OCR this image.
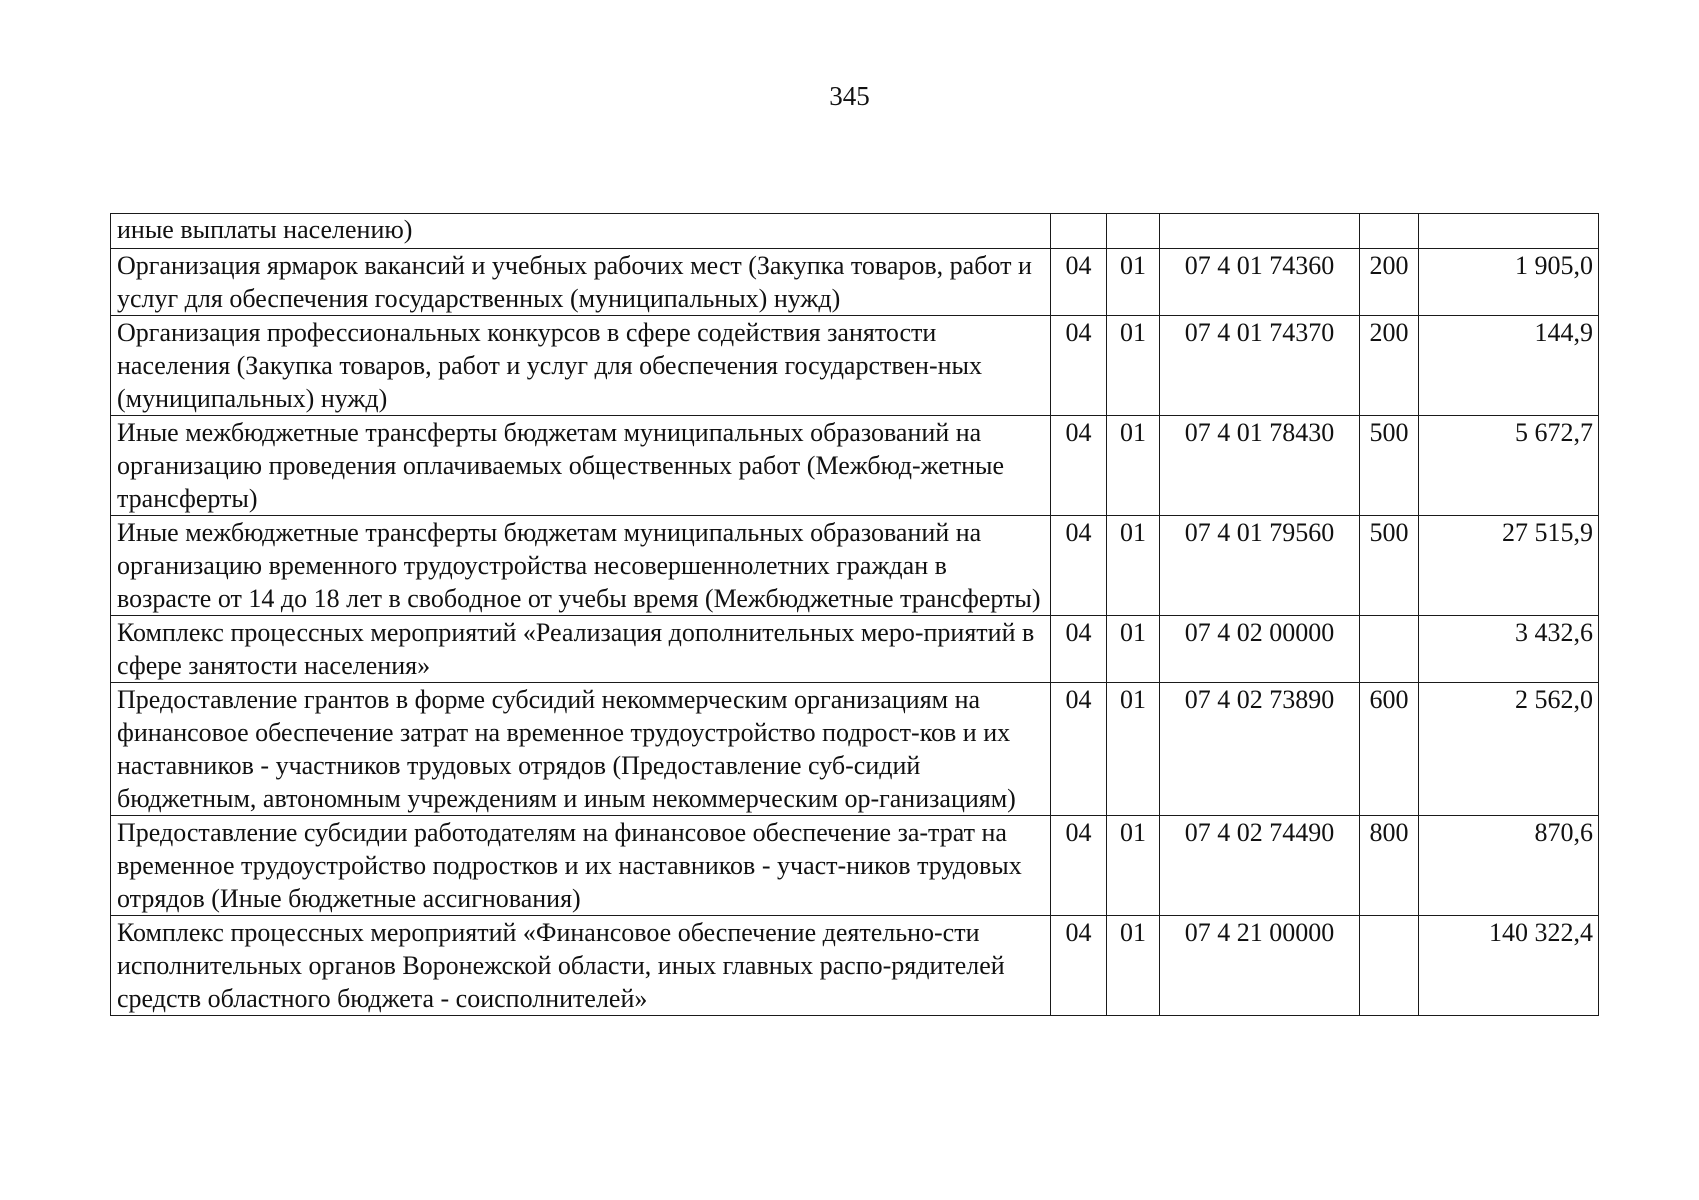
345
иные выплаты населению)					
Организация ярмарок вакансий и учебных рабочих мест (Закупка товаров, работ и услуг для обеспечения государственных (муниципальных) нужд)	04	01	07 4 01 74360	200	1 905,0
Организация профессиональных конкурсов в сфере содействия занятости населения (Закупка товаров, работ и услуг для обеспечения государствен-ных (муниципальных) нужд)	04	01	07 4 01 74370	200	144,9
Иные межбюджетные трансферты бюджетам муниципальных образований на организацию проведения оплачиваемых общественных работ (Межбюд-жетные трансферты)	04	01	07 4 01 78430	500	5 672,7
Иные межбюджетные трансферты бюджетам муниципальных образований на организацию временного трудоустройства несовершеннолетних граждан в возрасте от 14 до 18 лет в свободное от учебы время (Межбюджетные трансферты)	04	01	07 4 01 79560	500	27 515,9
Комплекс процессных мероприятий «Реализация дополнительных меро-приятий в сфере занятости населения»	04	01	07 4 02 00000		3 432,6
Предоставление грантов в форме субсидий некоммерческим организациям на финансовое обеспечение затрат на временное трудоустройство подрост-ков и их наставников - участников трудовых отрядов (Предоставление суб-сидий бюджетным, автономным учреждениям и иным некоммерческим ор-ганизациям)	04	01	07 4 02 73890	600	2 562,0
Предоставление субсидии работодателям на финансовое обеспечение за-трат на временное трудоустройство подростков и их наставников - участ-ников трудовых отрядов (Иные бюджетные ассигнования)	04	01	07 4 02 74490	800	870,6
Комплекс процессных мероприятий «Финансовое обеспечение деятельно-сти исполнительных органов Воронежской области, иных главных распо-рядителей средств областного бюджета - соисполнителей»	04	01	07 4 21 00000		140 322,4
